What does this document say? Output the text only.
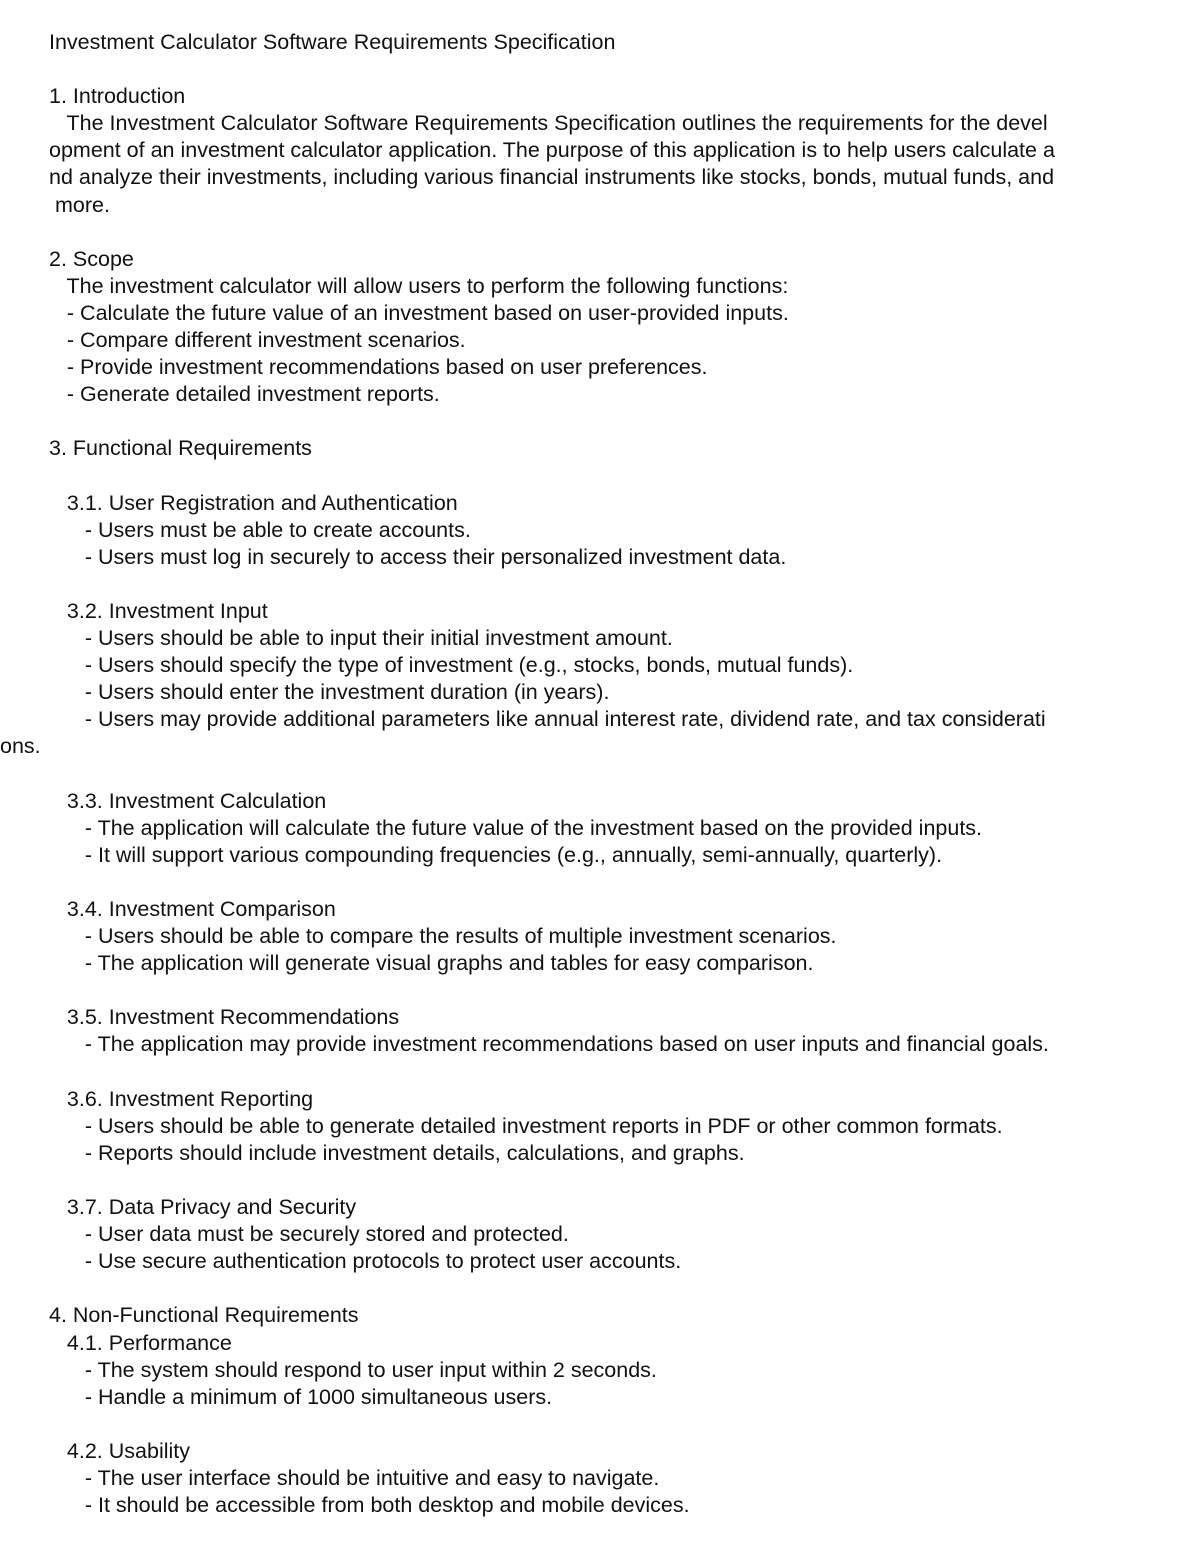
Investment Calculator Software Requirements Specification
1. Introduction
The Investment Calculator Software Requirements Specification outlines the requirements for the devel
opment of an investment calculator application. The purpose of this application is to help users calculate a
nd analyze their investments, including various financial instruments like stocks, bonds, mutual funds, and
more.
2. Scope
The investment calculator will allow users to perform the following functions:
- Calculate the future value of an investment based on user-provided inputs.
- Compare different investment scenarios.
- Provide investment recommendations based on user preferences.
- Generate detailed investment reports.
3. Functional Requirements
3.1. User Registration and Authentication
- Users must be able to create accounts.
- Users must log in securely to access their personalized investment data.
3.2. Investment Input
- Users should be able to input their initial investment amount.
- Users should specify the type of investment (e.g., stocks, bonds, mutual funds).
- Users should enter the investment duration (in years).
- Users may provide additional parameters like annual interest rate, dividend rate, and tax considerati
ons.
3.3. Investment Calculation
- The application will calculate the future value of the investment based on the provided inputs.
- It will support various compounding frequencies (e.g., annually, semi-annually, quarterly).
3.4. Investment Comparison
- Users should be able to compare the results of multiple investment scenarios.
- The application will generate visual graphs and tables for easy comparison.
3.5. Investment Recommendations
- The application may provide investment recommendations based on user inputs and financial goals.
3.6. Investment Reporting
- Users should be able to generate detailed investment reports in PDF or other common formats.
- Reports should include investment details, calculations, and graphs.
3.7. Data Privacy and Security
- User data must be securely stored and protected.
- Use secure authentication protocols to protect user accounts.
4. Non-Functional Requirements
4.1. Performance
- The system should respond to user input within 2 seconds.
- Handle a minimum of 1000 simultaneous users.
4.2. Usability
- The user interface should be intuitive and easy to navigate.
- It should be accessible from both desktop and mobile devices.
